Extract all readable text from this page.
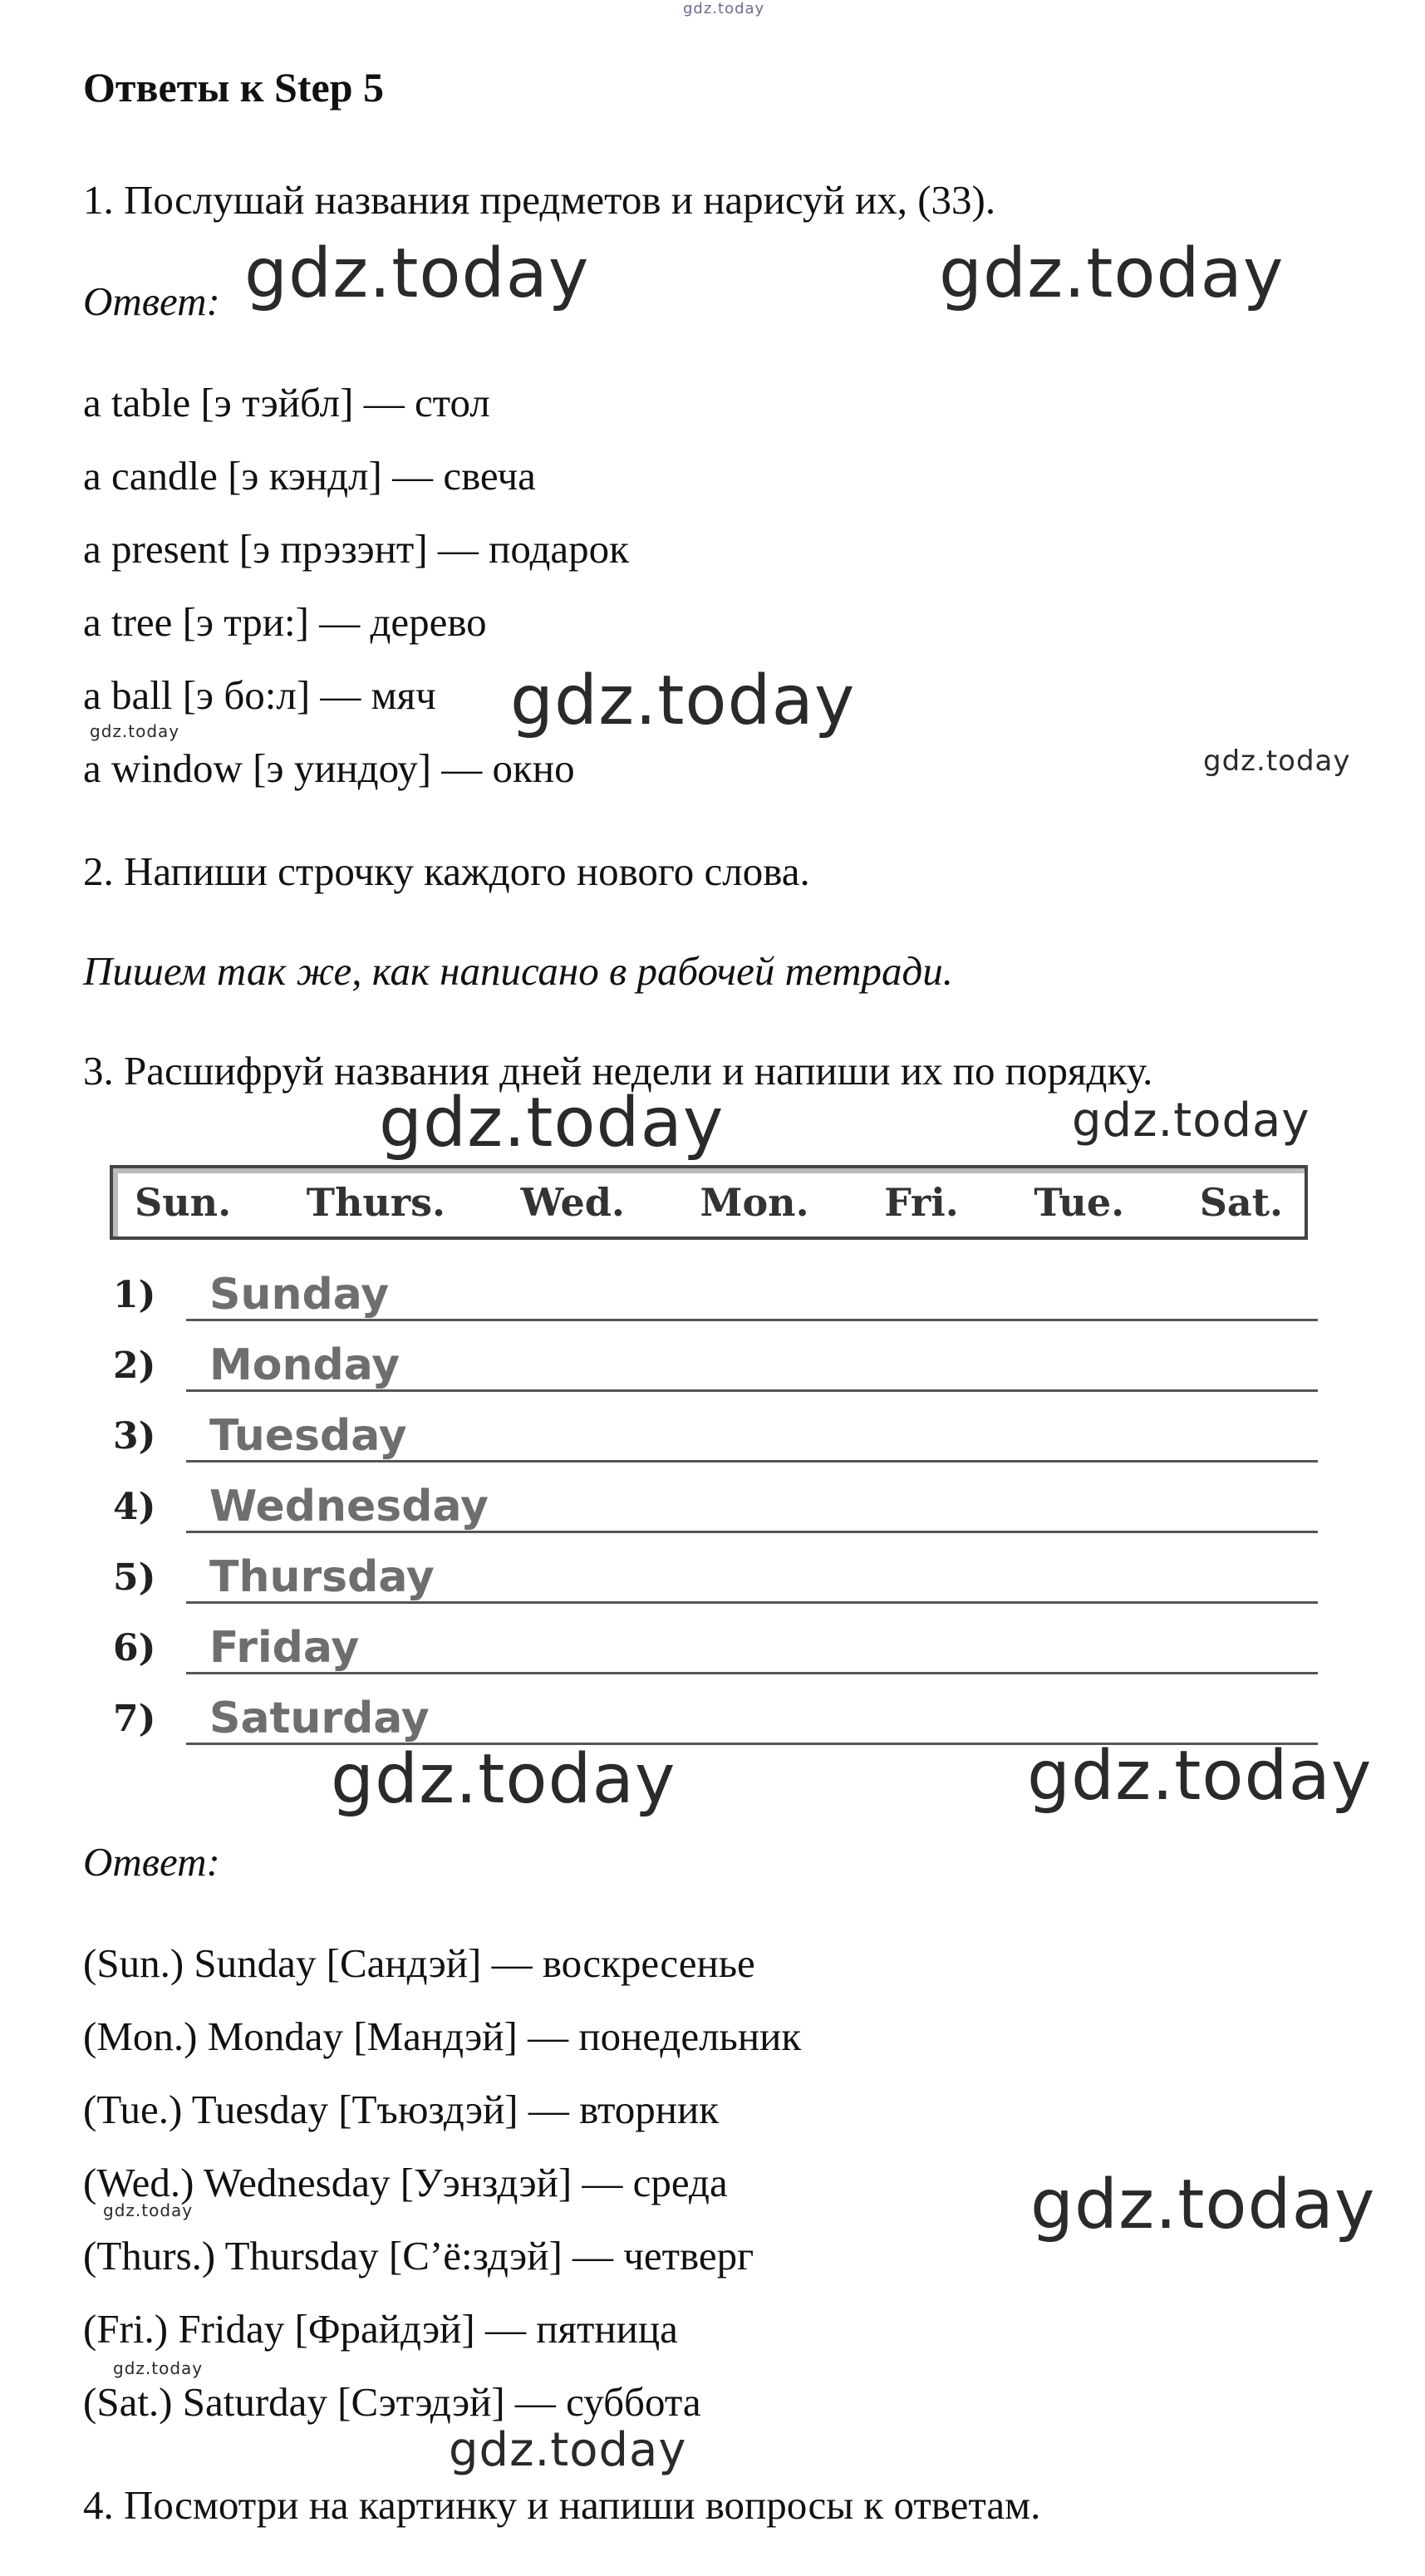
gdz.today
Ответы к Step 5
1. Послушай названия предметов и нарисуй их, (33).
Ответ:
a table [э тэйбл] — стол
a candle [э кэндл] — свеча
a present [э прэзэнт] — подарок
a tree [э три:] — дерево
a ball [э бо:л] — мяч
a window [э уиндоу] — окно
2. Напиши строчку каждого нового слова.
Пишем так же, как написано в рабочей тетради.
3. Расшифруй названия дней недели и напиши их по порядку.
Sun. Thurs. Wed. Mon. Fri. Tue. Sat.
1) Sunday
2) Monday
3) Tuesday
4) Wednesday
5) Thursday
6) Friday
7) Saturday
Ответ:
(Sun.) Sunday [Сандэй] — воскресенье
(Mon.) Monday [Мандэй] — понедельник
(Tue.) Tuesday [Тъюздэй] — вторник
(Wed.) Wednesday [Уэнздэй] — среда
(Thurs.) Thursday [С’ё:здэй] — четверг
(Fri.) Friday [Фрайдэй] — пятница
(Sat.) Saturday [Сэтэдэй] — суббота
4. Посмотри на картинку и напиши вопросы к ответам.
gdz.today	gdz.today
gdz.today
gdz.today
gdz.today
gdz.today	gdz.today
gdz.today	gdz.today
gdz.today
gdz.today
gdz.today
gdz.today
